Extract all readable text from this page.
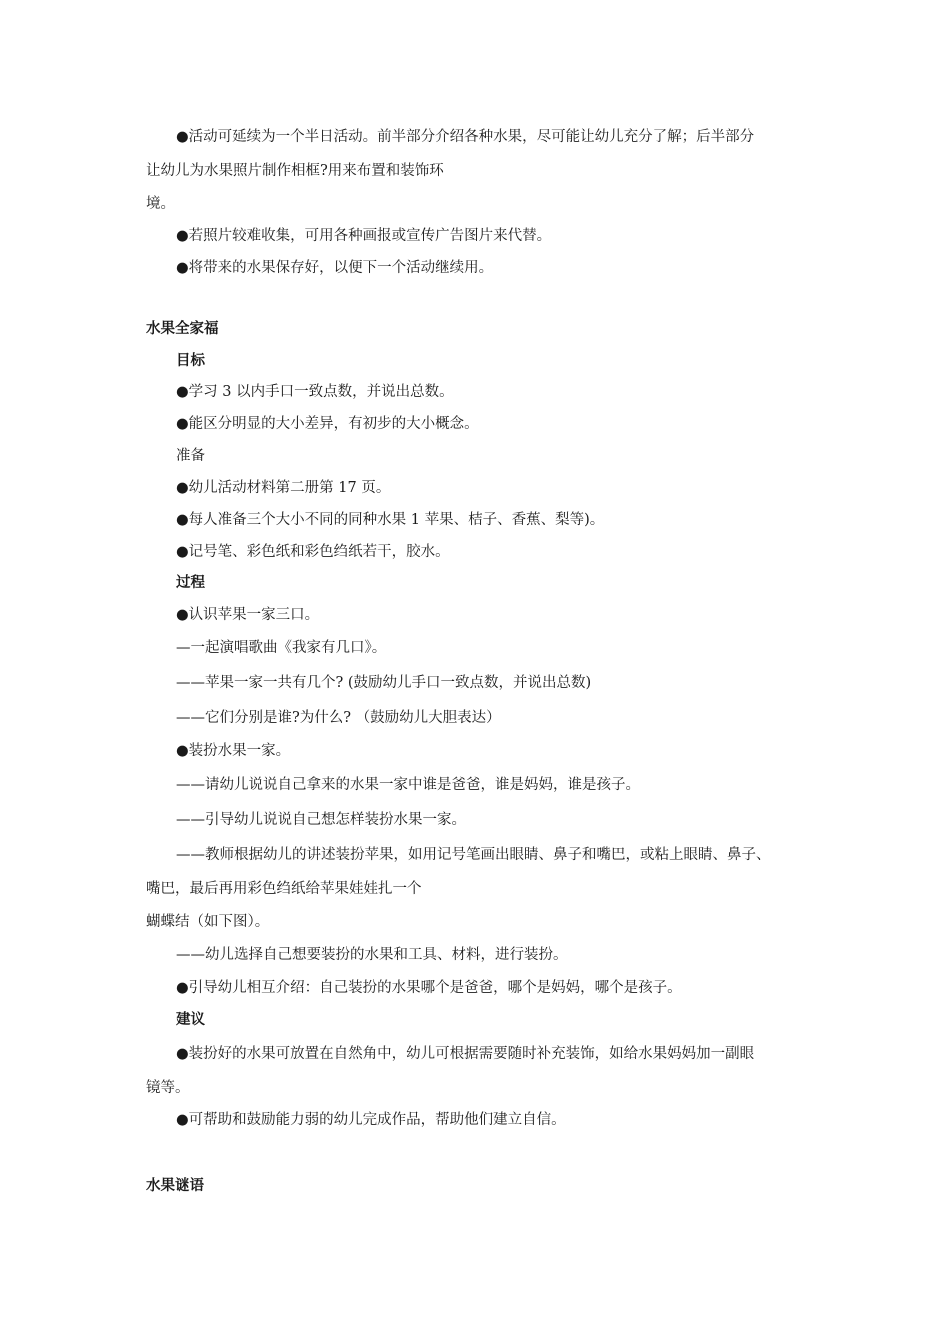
●活动可延续为一个半日活动。前半部分介绍各种水果，尽可能让幼儿充分了解；后半部分
让幼儿为水果照片制作相框?用来布置和装饰环
境。
●若照片较难收集，可用各种画报或宣传广告图片来代替。
●将带来的水果保存好，以便下一个活动继续用。
水果全家福
目标
●学习 3 以内手口一致点数，并说出总数。
●能区分明显的大小差异，有初步的大小概念。
准备
●幼儿活动材料第二册第 17 页。
●每人准备三个大小不同的同种水果 1 苹果、桔子、香蕉、梨等)。
●记号笔、彩色纸和彩色绉纸若干，胶水。
过程
●认识苹果一家三口。
—一起演唱歌曲《我家有几口》。
——苹果一家一共有几个? (鼓励幼儿手口一致点数，并说出总数)
——它们分别是谁?为什么? （鼓励幼儿大胆表达）
●装扮水果一家。
——请幼儿说说自己拿来的水果一家中谁是爸爸，谁是妈妈，谁是孩子。
——引导幼儿说说自己想怎样装扮水果一家。
——教师根据幼儿的讲述装扮苹果，如用记号笔画出眼睛、鼻子和嘴巴，或粘上眼睛、鼻子、
嘴巴，最后再用彩色绉纸给苹果娃娃扎一个
蝴蝶结（如下图）。
——幼儿选择自己想要装扮的水果和工具、材料，进行装扮。
●引导幼儿相互介绍：自己装扮的水果哪个是爸爸，哪个是妈妈，哪个是孩子。
建议
●装扮好的水果可放置在自然角中，幼儿可根据需要随时补充装饰，如给水果妈妈加一副眼
镜等。
●可帮助和鼓励能力弱的幼儿完成作品，帮助他们建立自信。
水果谜语
